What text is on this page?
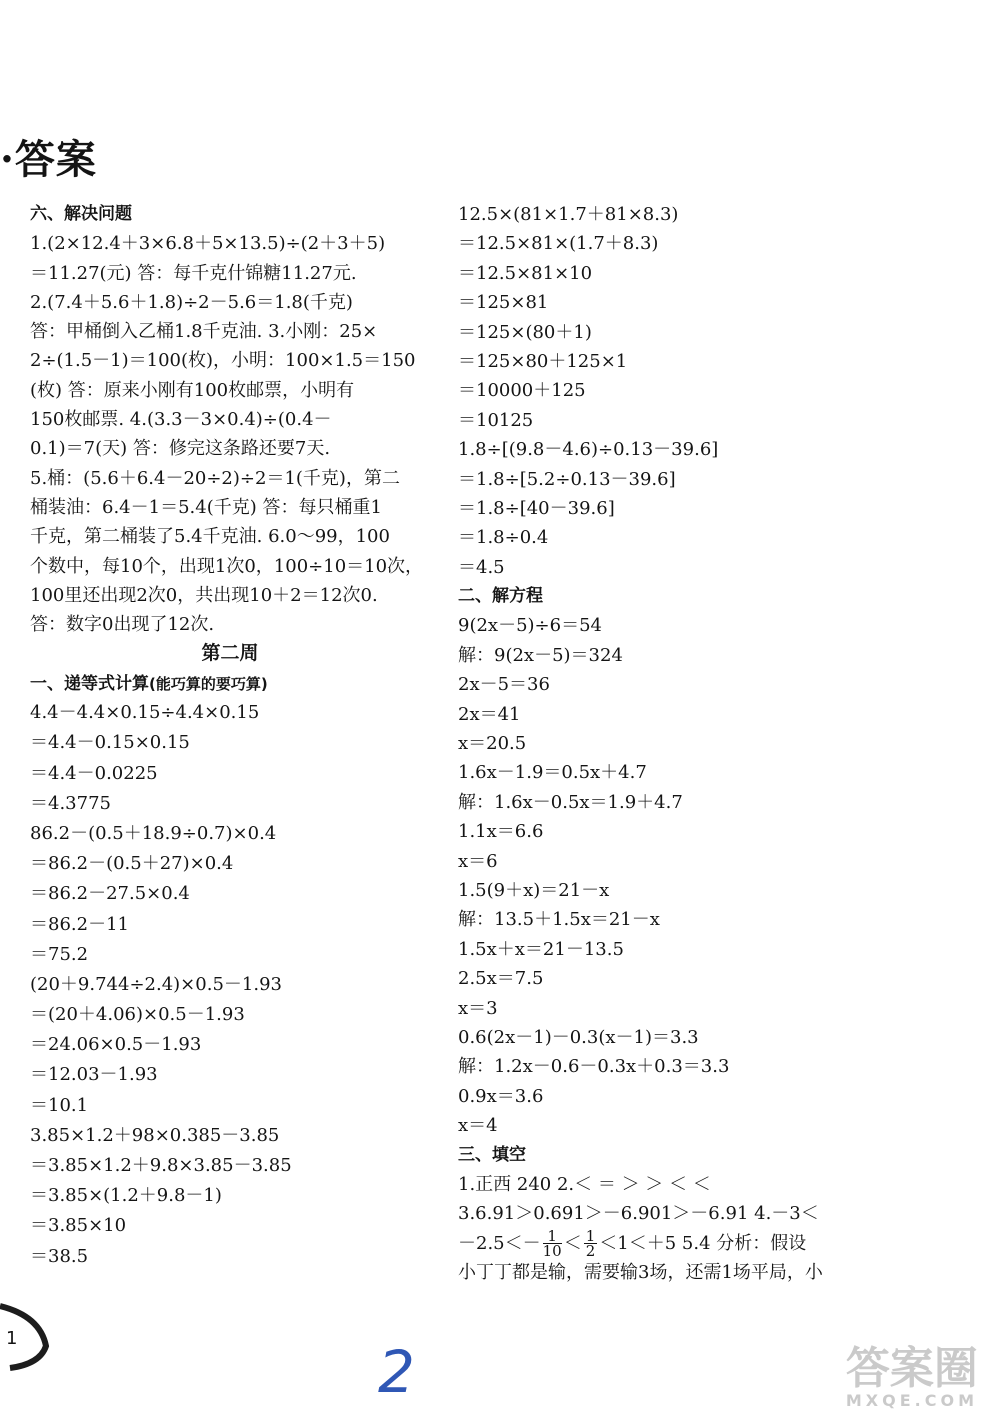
·答案
六、解决问题
1.(2×12.4＋3×6.8＋5×13.5)÷(2＋3＋5)
＝11.27(元) 答：每千克什锦糖11.27元.
2.(7.4＋5.6＋1.8)÷2－5.6＝1.8(千克)
答：甲桶倒入乙桶1.8千克油. 3.小刚：25×
2÷(1.5－1)＝100(枚)，小明：100×1.5＝150
(枚) 答：原来小刚有100枚邮票，小明有
150枚邮票. 4.(3.3－3×0.4)÷(0.4－
0.1)＝7(天) 答：修完这条路还要7天.
5.桶：(5.6＋6.4－20÷2)÷2＝1(千克)，第二
桶装油：6.4－1＝5.4(千克) 答：每只桶重1
千克，第二桶装了5.4千克油. 6.0～99，100
个数中，每10个，出现1次0，100÷10＝10次，
100里还出现2次0，共出现10＋2＝12次0.
答：数字0出现了12次.
第二周
一、递等式计算(能巧算的要巧算)
4.4－4.4×0.15÷4.4×0.15
＝4.4－0.15×0.15
＝4.4－0.0225
＝4.3775
86.2－(0.5＋18.9÷0.7)×0.4
＝86.2－(0.5＋27)×0.4
＝86.2－27.5×0.4
＝86.2－11
＝75.2
(20＋9.744÷2.4)×0.5－1.93
＝(20＋4.06)×0.5－1.93
＝24.06×0.5－1.93
＝12.03－1.93
＝10.1
3.85×1.2＋98×0.385－3.85
＝3.85×1.2＋9.8×3.85－3.85
＝3.85×(1.2＋9.8－1)
＝3.85×10
＝38.5
12.5×(81×1.7＋81×8.3)
＝12.5×81×(1.7＋8.3)
＝12.5×81×10
＝125×81
＝125×(80＋1)
＝125×80＋125×1
＝10000＋125
＝10125
1.8÷[(9.8－4.6)÷0.13－39.6]
＝1.8÷[5.2÷0.13－39.6]
＝1.8÷[40－39.6]
＝1.8÷0.4
＝4.5
二、解方程
9(2x－5)÷6＝54
解：9(2x－5)＝324
2x－5＝36
2x＝41
x＝20.5
1.6x－1.9＝0.5x＋4.7
解：1.6x－0.5x＝1.9＋4.7
1.1x＝6.6
x＝6
1.5(9＋x)＝21－x
解：13.5＋1.5x＝21－x
1.5x＋x＝21－13.5
2.5x＝7.5
x＝3
0.6(2x－1)－0.3(x－1)＝3.3
解：1.2x－0.6－0.3x＋0.3＝3.3
0.9x＝3.6
x＝4
三、填空
1.正西 240 2.＜ ＝ ＞ ＞ ＜ ＜
3.6.91＞0.691＞－6.901＞－6.91 4.－3＜
$-2.5<- \frac{1}{10} < \frac{1}{2} <1<+5$ 5.4 分析：假设
小丁丁都是输，需要输3场，还需1场平局，小
1	2	答案圈
MXQE.COM
